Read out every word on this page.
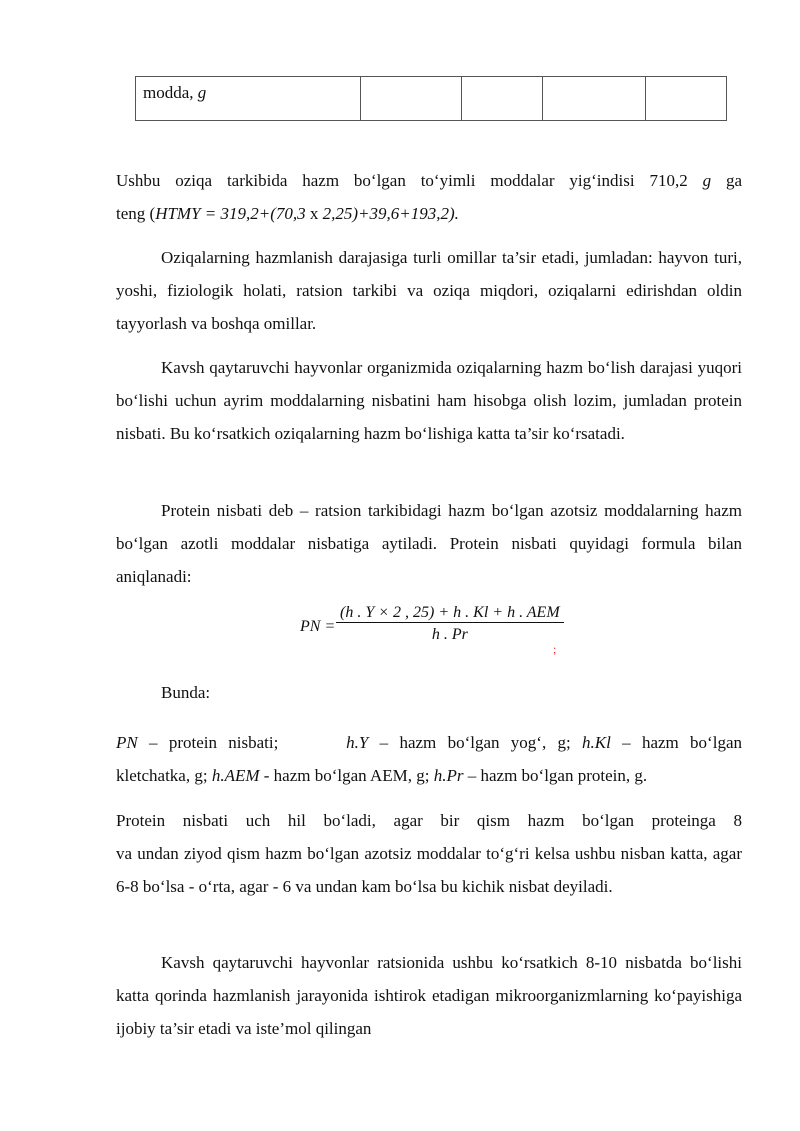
modda, g				
Ushbu oziqa tarkibida hazm boʻlgan toʻyimli moddalar yigʻindisi 710,2 g ga
teng (HTMY = 319,2+(70,3 x 2,25)+39,6+193,2).
Oziqalarning hazmlanish darajasiga turli omillar ta’sir etadi, jumladan: hayvon turi, yoshi, fiziologik holati, ratsion tarkibi va oziqa miqdori, oziqalarni edirishdan oldin tayyorlash va boshqa omillar.
Kavsh qaytaruvchi hayvonlar organizmida oziqalarning hazm boʻlish darajasi yuqori boʻlishi uchun ayrim moddalarning nisbatini ham hisobga olish lozim, jumladan protein nisbati. Bu koʻrsatkich oziqalarning hazm boʻlishiga katta ta’sir koʻrsatadi.
Protein nisbati deb – ratsion tarkibidagi hazm boʻlgan azotsiz moddalarning hazm boʻlgan azotli moddalar nisbatiga aytiladi. Protein nisbati quyidagi formula bilan aniqlanadi:
PN =
(h . Y × 2 , 25) + h . Kl + h . AEM
h . Pr
;
Bunda:
PN – protein nisbati;	h.Y – hazm boʻlgan yogʻ, g; h.Kl – hazm boʻlgan
kletchatka, g; h.AEM - hazm boʻlgan AEM, g; h.Pr – hazm boʻlgan protein, g.
Protein nisbati uch hil boʻladi, agar bir qism hazm boʻlgan proteinga 8
va undan ziyod qism hazm boʻlgan azotsiz moddalar toʻgʻri kelsa ushbu nisban katta, agar 6-8 boʻlsa - oʻrta, agar - 6 va undan kam boʻlsa bu kichik nisbat deyiladi.
Kavsh qaytaruvchi hayvonlar ratsionida ushbu koʻrsatkich 8-10 nisbatda boʻlishi katta qorinda hazmlanish jarayonida ishtirok etadigan mikroorganizmlarning koʻpayishiga ijobiy ta’sir etadi va iste’mol qilingan
